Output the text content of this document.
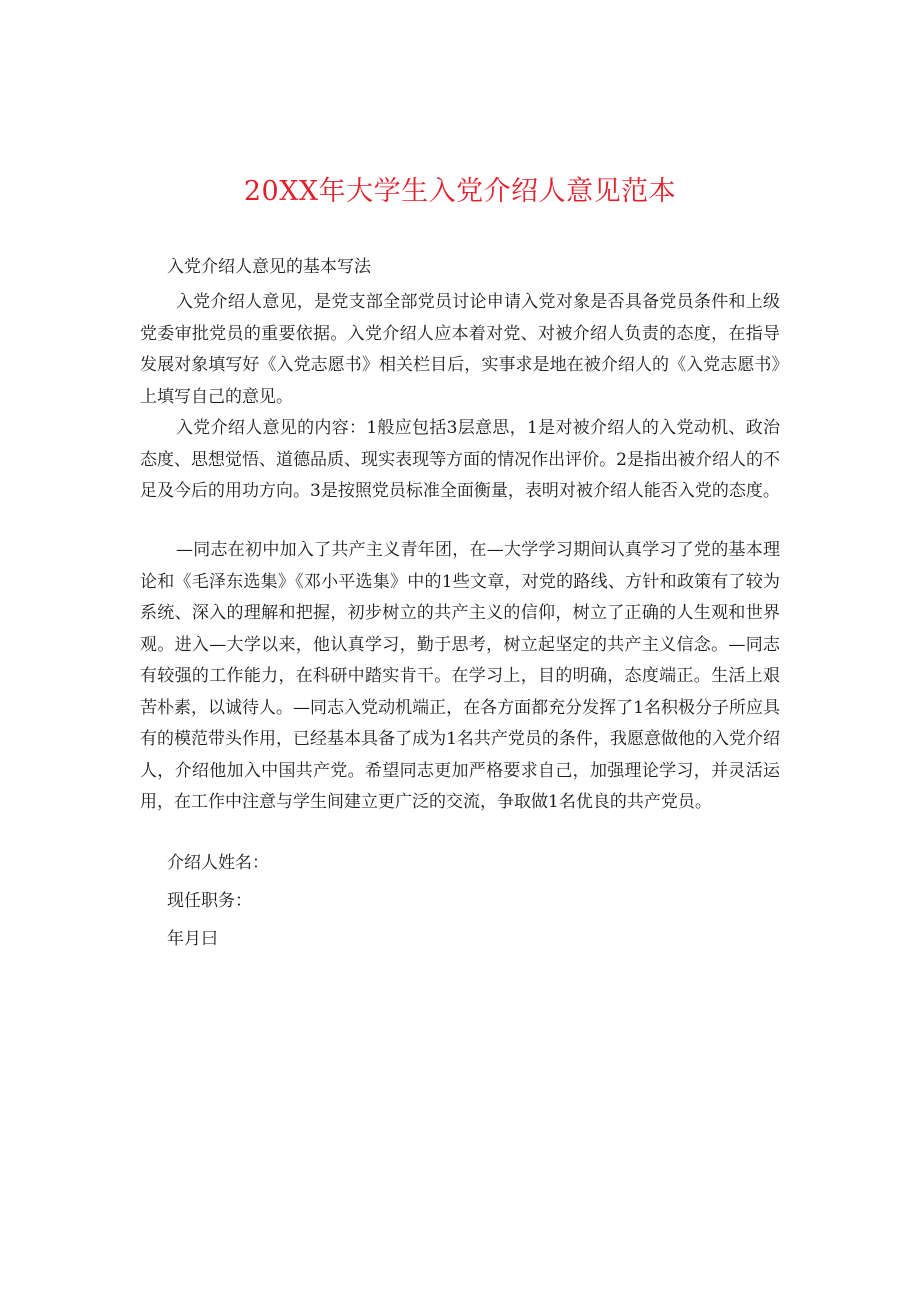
20XX年大学生入党介绍人意见范本
入党介绍人意见的基本写法

入党介绍人意见，是党支部全部党员讨论申请入党对象是否具备党员条件和上级党委审批党员的重要依据。入党介绍人应本着对党、对被介绍人负责的态度，在指导发展对象填写好《入党志愿书》相关栏目后，实事求是地在被介绍人的《入党志愿书》上填写自己的意见。

入党介绍人意见的内容：1般应包括3层意思，1是对被介绍人的入党动机、政治态度、思想觉悟、道德品质、现实表现等方面的情况作出评价。2是指出被介绍人的不足及今后的用功方向。3是按照党员标准全面衡量，表明对被介绍人能否入党的态度。

—同志在初中加入了共产主义青年团，在—大学学习期间认真学习了党的基本理论和《毛泽东选集》《邓小平选集》中的1些文章，对党的路线、方针和政策有了较为系统、深入的理解和把握，初步树立的共产主义的信仰，树立了正确的人生观和世界观。进入—大学以来，他认真学习，勤于思考，树立起坚定的共产主义信念。—同志有较强的工作能力，在科研中踏实肯干。在学习上，目的明确，态度端正。生活上艰苦朴素，以诚待人。—同志入党动机端正，在各方面都充分发挥了1名积极分子所应具有的模范带头作用，已经基本具备了成为1名共产党员的条件，我愿意做他的入党介绍人，介绍他加入中国共产党。希望同志更加严格要求自己，加强理论学习，并灵活运用，在工作中注意与学生间建立更广泛的交流，争取做1名优良的共产党员。

介绍人姓名：
现任职务：
年月曰
